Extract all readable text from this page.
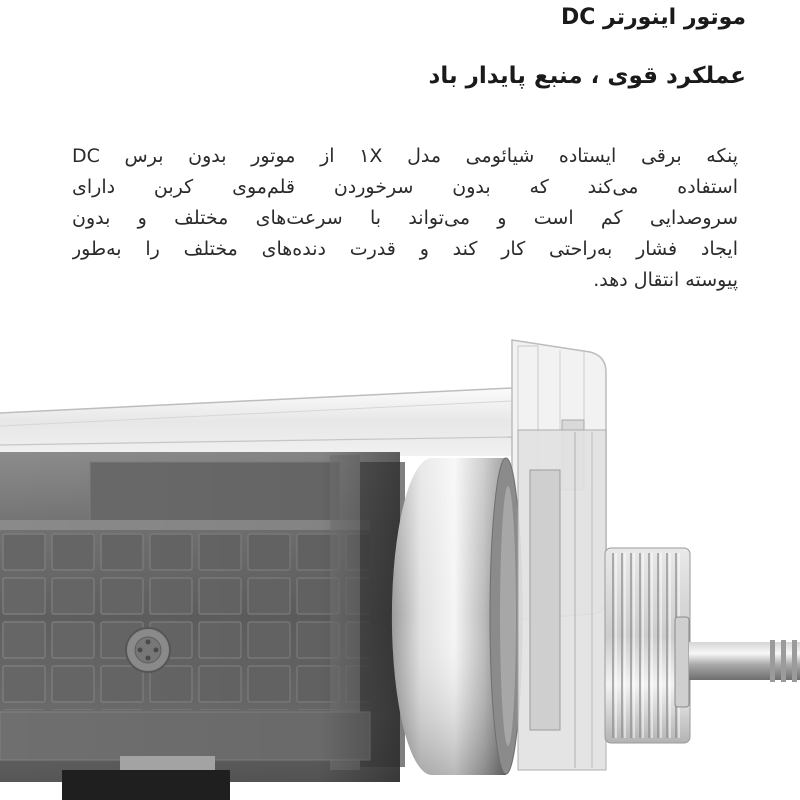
موتور اینورتر DC
عملکرد قوی ، منبع پایدار باد
پنکه برقی ایستاده شیائومی مدل ۱X از موتور بدون برس DC
استفاده می‌کند که بدون سرخوردن قلم‌موی کربن دارای
سروصدایی کم است و می‌تواند با سرعت‌های مختلف و بدون
ایجاد فشار به‌راحتی کار کند و قدرت دنده‌های مختلف را به‌طور
پیوسته انتقال دهد.
